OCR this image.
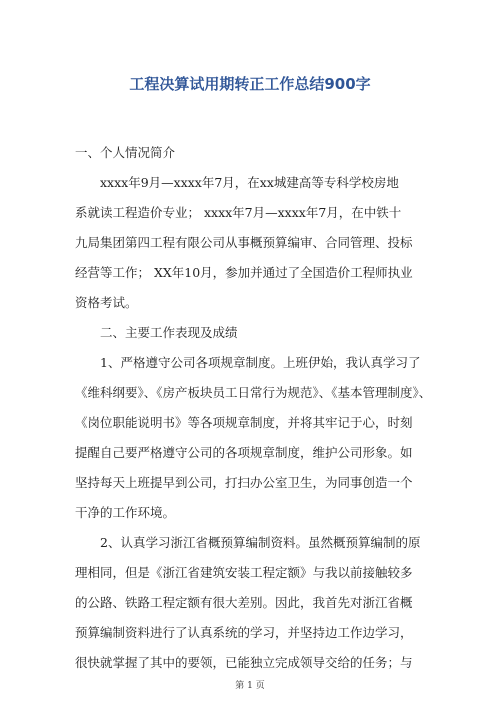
工程决算试用期转正工作总结900字
一、个人情况简介
xxxx年9月—xxxx年7月，在xx城建高等专科学校房地
系就读工程造价专业； xxxx年7月—xxxx年7月，在中铁十
九局集团第四工程有限公司从事概预算编审、合同管理、投标
经营等工作； XX年10月，参加并通过了全国造价工程师执业
资格考试。
二、主要工作表现及成绩
1、严格遵守公司各项规章制度。上班伊始，我认真学习了
《维科纲要》、《房产板块员工日常行为规范》、《基本管理制度》、
《岗位职能说明书》等各项规章制度，并将其牢记于心，时刻
提醒自己要严格遵守公司的各项规章制度，维护公司形象。如
坚持每天上班提早到公司，打扫办公室卫生，为同事创造一个
干净的工作环境。
2、认真学习浙江省概预算编制资料。虽然概预算编制的原
理相同，但是《浙江省建筑安装工程定额》与我以前接触较多
的公路、铁路工程定额有很大差别。因此，我首先对浙江省概
预算编制资料进行了认真系统的学习，并坚持边工作边学习，
很快就掌握了其中的要领，已能独立完成领导交给的任务；与
第 1 页
